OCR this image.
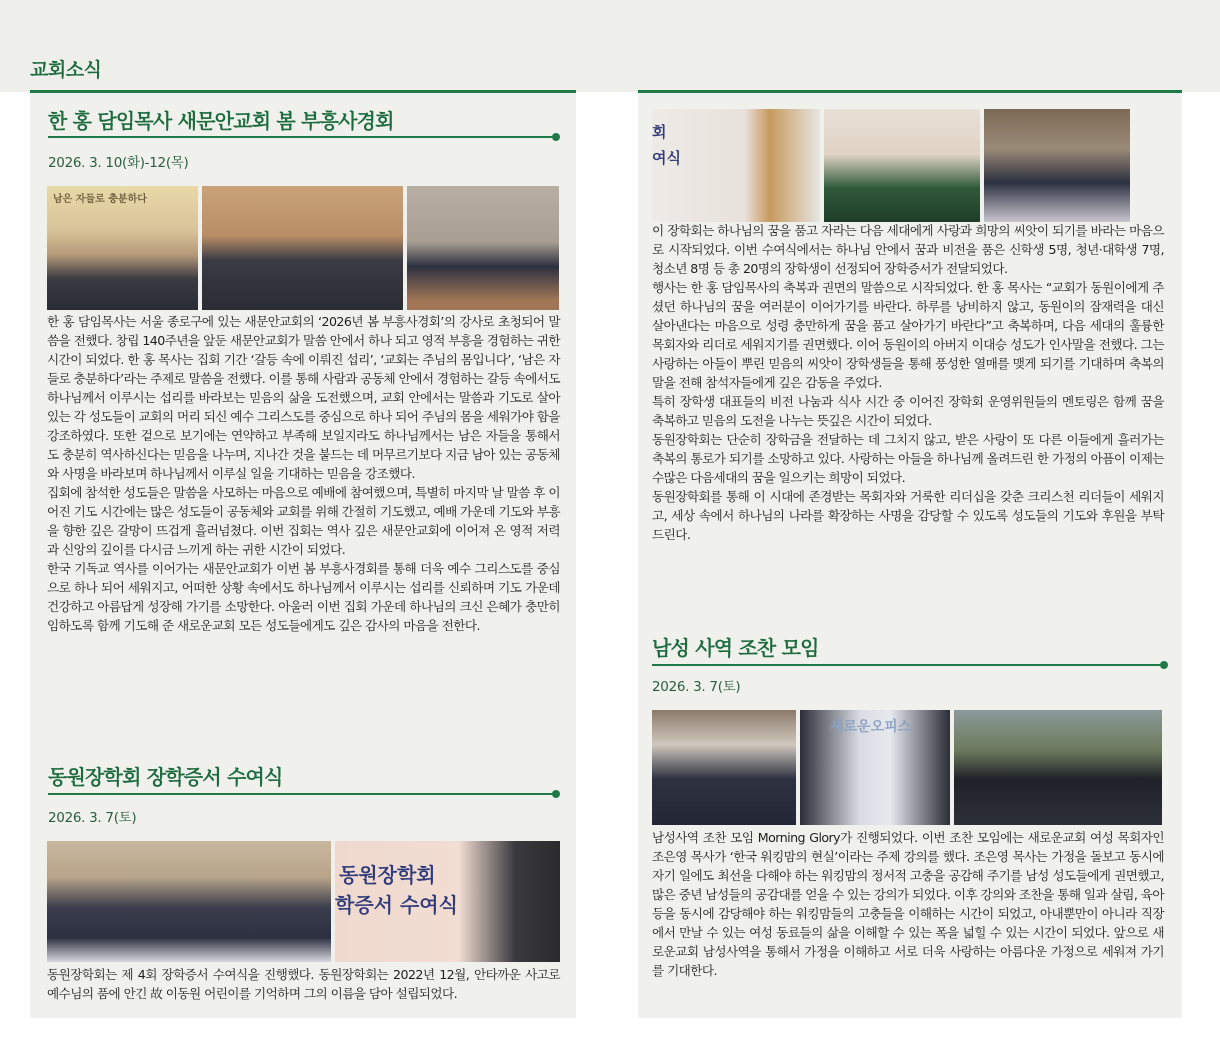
교회소식
한 홍 담임목사 새문안교회 봄 부흥사경회
2026. 3. 10(화)-12(목)
남은 자들로 충분하다

한 홍 담임목사는 서울 종로구에 있는 새문안교회의 ‘2026년 봄 부흥사경회’의 강사로 초청되어 말씀을 전했다. 창립 140주년을 앞둔 새문안교회가 말씀 안에서 하나 되고 영적 부흥을 경험하는 귀한 시간이 되었다. 한 홍 목사는 집회 기간 ‘갈등 속에 이뤄진 섭리’, ‘교회는 주님의 몸입니다’, ‘남은 자들로 충분하다’라는 주제로 말씀을 전했다. 이를 통해 사람과 공동체 안에서 경험하는 갈등 속에서도 하나님께서 이루시는 섭리를 바라보는 믿음의 삶을 도전했으며, 교회 안에서는 말씀과 기도로 살아 있는 각 성도들이 교회의 머리 되신 예수 그리스도를 중심으로 하나 되어 주님의 몸을 세워가야 함을 강조하였다. 또한 겉으로 보기에는 연약하고 부족해 보일지라도 하나님께서는 남은 자들을 통해서도 충분히 역사하신다는 믿음을 나누며, 지나간 것을 붙드는 데 머무르기보다 지금 남아 있는 공동체와 사명을 바라보며 하나님께서 이루실 일을 기대하는 믿음을 강조했다.

집회에 참석한 성도들은 말씀을 사모하는 마음으로 예배에 참여했으며, 특별히 마지막 날 말씀 후 이어진 기도 시간에는 많은 성도들이 공동체와 교회를 위해 간절히 기도했고, 예배 가운데 기도와 부흥을 향한 깊은 갈망이 뜨겁게 흘러넘쳤다. 이번 집회는 역사 깊은 새문안교회에 이어져 온 영적 저력과 신앙의 깊이를 다시금 느끼게 하는 귀한 시간이 되었다.

한국 기독교 역사를 이어가는 새문안교회가 이번 봄 부흥사경회를 통해 더욱 예수 그리스도를 중심으로 하나 되어 세워지고, 어떠한 상황 속에서도 하나님께서 이루시는 섭리를 신뢰하며 기도 가운데 건강하고 아름답게 성장해 가기를 소망한다. 아울러 이번 집회 가운데 하나님의 크신 은혜가 충만히 임하도록 함께 기도해 준 새로운교회 모든 성도들에게도 깊은 감사의 마음을 전한다.

동원장학회 장학증서 수여식
2026. 3. 7(토)
동원장학회
학증서 수여식

동원장학회는 제 4회 장학증서 수여식을 진행했다. 동원장학회는 2022년 12월, 안타까운 사고로 예수님의 품에 안긴 故 이동원 어린이를 기억하며 그의 이름을 담아 설립되었다.

회
여식

이 장학회는 하나님의 꿈을 품고 자라는 다음 세대에게 사랑과 희망의 씨앗이 되기를 바라는 마음으로 시작되었다. 이번 수여식에서는 하나님 안에서 꿈과 비전을 품은 신학생 5명, 청년·대학생 7명, 청소년 8명 등 총 20명의 장학생이 선정되어 장학증서가 전달되었다.

행사는 한 홍 담임목사의 축복과 권면의 말씀으로 시작되었다. 한 홍 목사는 “교회가 동원이에게 주셨던 하나님의 꿈을 여러분이 이어가기를 바란다. 하루를 낭비하지 않고, 동원이의 잠재력을 대신 살아낸다는 마음으로 성령 충만하게 꿈을 품고 살아가기 바란다”고 축복하며, 다음 세대의 훌륭한 목회자와 리더로 세워지기를 권면했다. 이어 동원이의 아버지 이대승 성도가 인사말을 전했다. 그는 사랑하는 아들이 뿌린 믿음의 씨앗이 장학생들을 통해 풍성한 열매를 맺게 되기를 기대하며 축복의 말을 전해 참석자들에게 깊은 감동을 주었다.

특히 장학생 대표들의 비전 나눔과 식사 시간 중 이어진 장학회 운영위원들의 멘토링은 함께 꿈을 축복하고 믿음의 도전을 나누는 뜻깊은 시간이 되었다.

동원장학회는 단순히 장학금을 전달하는 데 그치지 않고, 받은 사랑이 또 다른 이들에게 흘러가는 축복의 통로가 되기를 소망하고 있다. 사랑하는 아들을 하나님께 올려드린 한 가정의 아픔이 이제는 수많은 다음세대의 꿈을 일으키는 희망이 되었다.

동원장학회를 통해 이 시대에 존경받는 목회자와 거룩한 리더십을 갖춘 크리스천 리더들이 세워지고, 세상 속에서 하나님의 나라를 확장하는 사명을 감당할 수 있도록 성도들의 기도와 후원을 부탁드린다.

남성 사역 조찬 모임
2026. 3. 7(토)
새로운오피스

남성사역 조찬 모임 Morning Glory가 진행되었다. 이번 조찬 모임에는 새로운교회 여성 목회자인 조은영 목사가 ‘한국 워킹맘의 현실’이라는 주제 강의를 했다. 조은영 목사는 가정을 돌보고 동시에 자기 일에도 최선을 다해야 하는 워킹맘의 정서적 고충을 공감해 주기를 남성 성도들에게 권면했고, 많은 중년 남성들의 공감대를 얻을 수 있는 강의가 되었다. 이후 강의와 조찬을 통해 일과 살림, 육아 등을 동시에 감당해야 하는 워킹맘들의 고충들을 이해하는 시간이 되었고, 아내뿐만이 아니라 직장에서 만날 수 있는 여성 동료들의 삶을 이해할 수 있는 폭을 넓힐 수 있는 시간이 되었다. 앞으로 새로운교회 남성사역을 통해서 가정을 이해하고 서로 더욱 사랑하는 아름다운 가정으로 세워져 가기를 기대한다.
